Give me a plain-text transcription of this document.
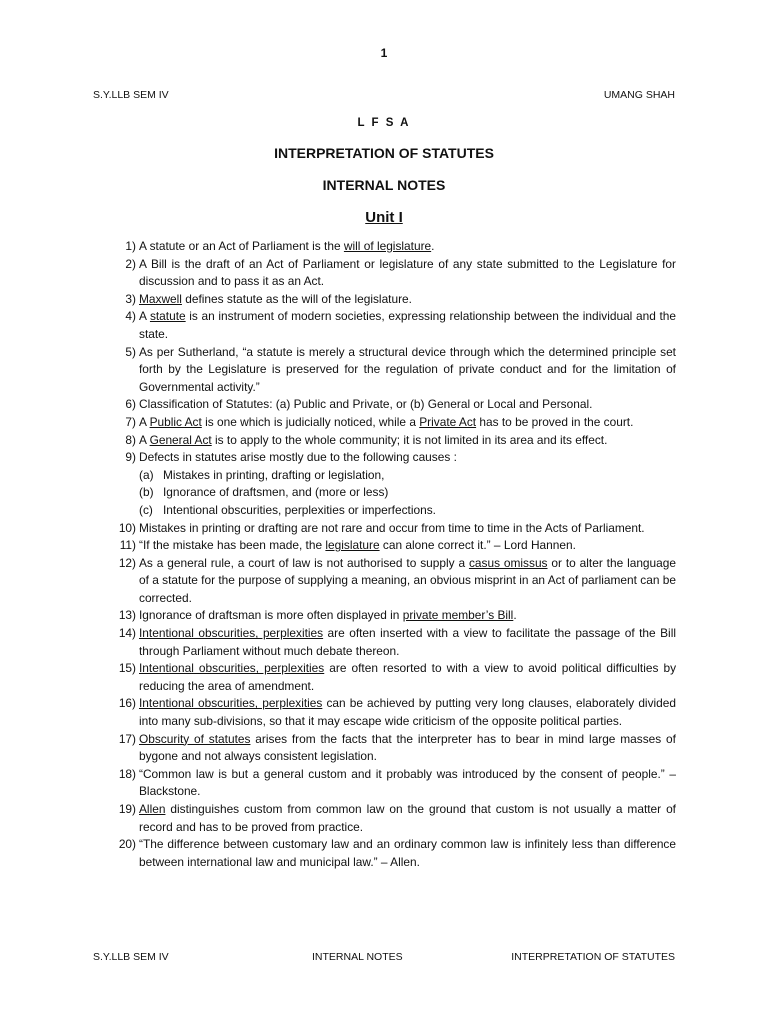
1
S.Y.LLB SEM IV	UMANG SHAH
L F S A
INTERPRETATION OF STATUTES
INTERNAL NOTES
Unit I
1) A statute or an Act of Parliament is the will of legislature.
2) A Bill is the draft of an Act of Parliament or legislature of any state submitted to the Legislature for discussion and to pass it as an Act.
3) Maxwell defines statute as the will of the legislature.
4) A statute is an instrument of modern societies, expressing relationship between the individual and the state.
5) As per Sutherland, “a statute is merely a structural device through which the determined principle set forth by the Legislature is preserved for the regulation of private conduct and for the limitation of Governmental activity.”
6) Classification of Statutes: (a) Public and Private, or (b) General or Local and Personal.
7) A Public Act is one which is judicially noticed, while a Private Act has to be proved in the court.
8) A General Act is to apply to the whole community; it is not limited in its area and its effect.
9) Defects in statutes arise mostly due to the following causes :
(a) Mistakes in printing, drafting or legislation,
(b) Ignorance of draftsmen, and (more or less)
(c) Intentional obscurities, perplexities or imperfections.
10) Mistakes in printing or drafting are not rare and occur from time to time in the Acts of Parliament.
11) “If the mistake has been made, the legislature can alone correct it.” – Lord Hannen.
12) As a general rule, a court of law is not authorised to supply a casus omissus or to alter the language of a statute for the purpose of supplying a meaning, an obvious misprint in an Act of parliament can be corrected.
13) Ignorance of draftsman is more often displayed in private member’s Bill.
14) Intentional obscurities, perplexities are often inserted with a view to facilitate the passage of the Bill through Parliament without much debate thereon.
15) Intentional obscurities, perplexities are often resorted to with a view to avoid political difficulties by reducing the area of amendment.
16) Intentional obscurities, perplexities can be achieved by putting very long clauses, elaborately divided into many sub-divisions, so that it may escape wide criticism of the opposite political parties.
17) Obscurity of statutes arises from the facts that the interpreter has to bear in mind large masses of bygone and not always consistent legislation.
18) “Common law is but a general custom and it probably was introduced by the consent of people.” – Blackstone.
19) Allen distinguishes custom from common law on the ground that custom is not usually a matter of record and has to be proved from practice.
20) “The difference between customary law and an ordinary common law is infinitely less than difference between international law and municipal law.” – Allen.
S.Y.LLB SEM IV	INTERNAL NOTES	INTERPRETATION OF STATUTES
